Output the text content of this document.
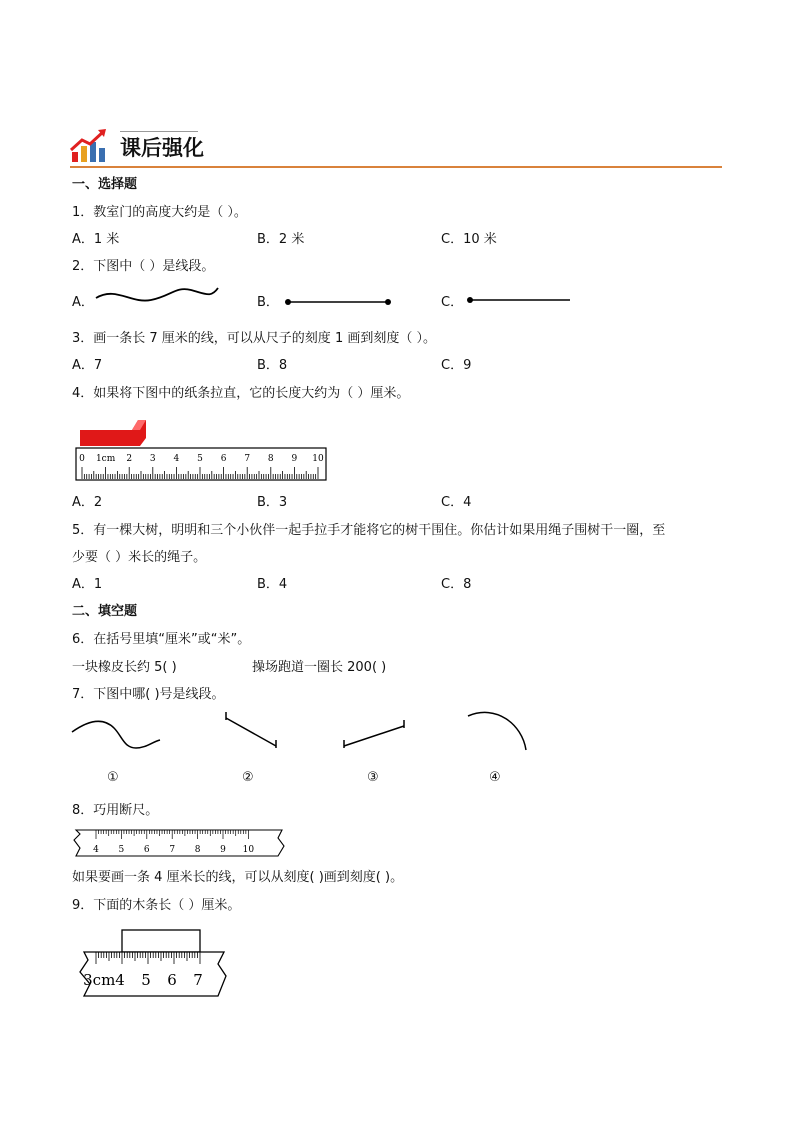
课后强化
一、选择题
1．教室门的高度大约是（ ）。
A．1 米	B．2 米	C．10 米
2．下图中（ ）是线段。
A．	B．	C．
3．画一条长 7 厘米的线，可以从尺子的刻度 1 画到刻度（ ）。
A．7	B．8	C．9
4．如果将下图中的纸条拉直，它的长度大约为（ ）厘米。
0 1cm 2 3 4 5 6 7 8 9 10
A．2	B．3	C．4
5．有一棵大树，明明和三个小伙伴一起手拉手才能将它的树干围住。你估计如果用绳子围树干一圈，至
少要（ ）米长的绳子。
A．1	B．4	C．8
二、填空题
6．在括号里填“厘米”或“米”。
一块橡皮长约 5( )	操场跑道一圈长 200( )
7．下图中哪( )号是线段。
①	②	③	④
8．巧用断尺。
4 5 6 7 8 9 10
如果要画一条 4 厘米长的线，可以从刻度( )画到刻度( )。
9．下面的木条长（ ）厘米。
3cm4 5 6 7
